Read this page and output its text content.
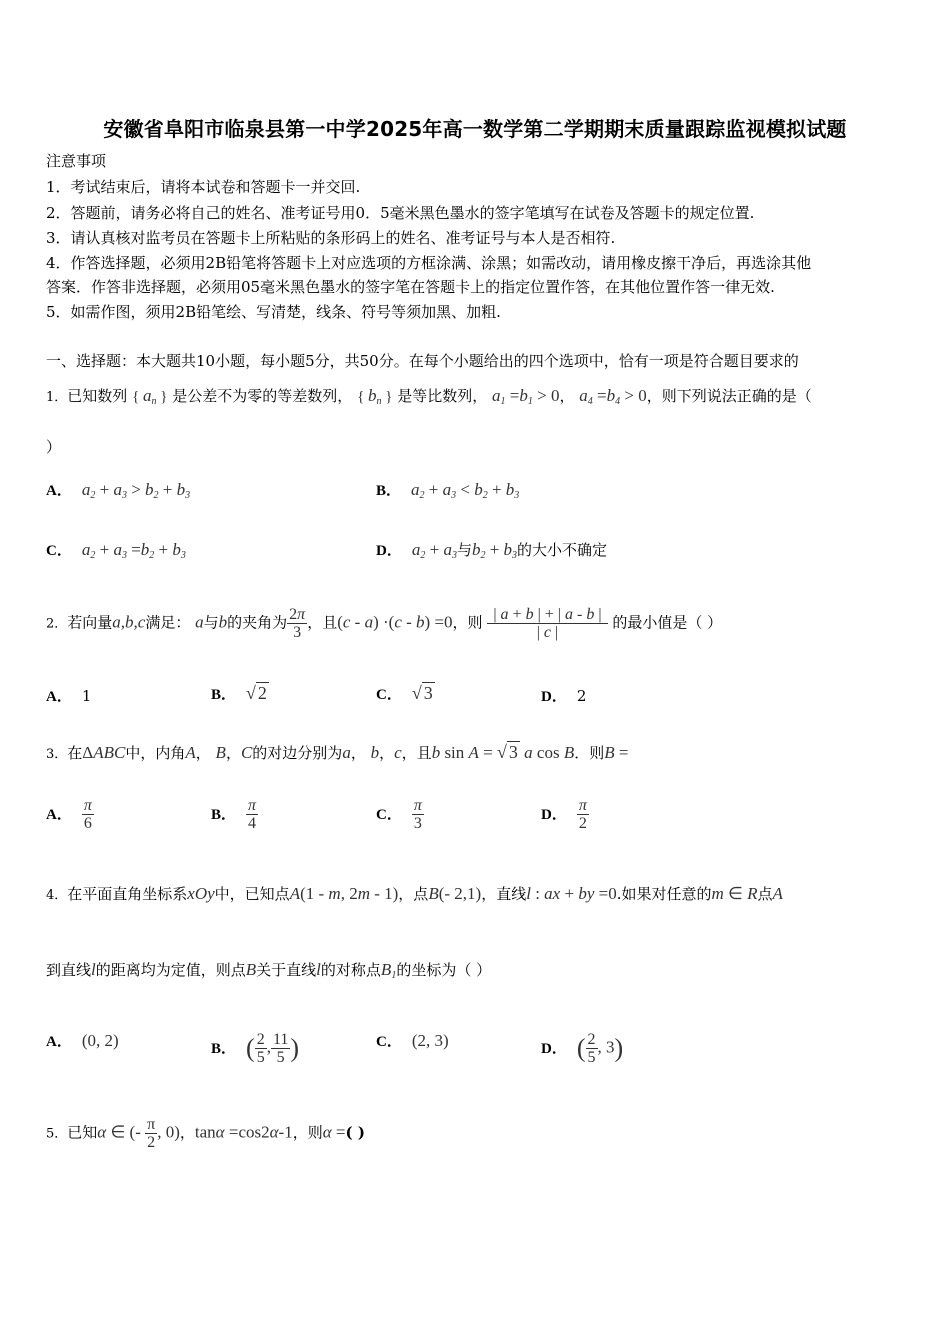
安徽省阜阳市临泉县第一中学2025年高一数学第二学期期末质量跟踪监视模拟试题
注意事项
1．考试结束后，请将本试卷和答题卡一并交回.
2．答题前，请务必将自己的姓名、准考证号用0．5毫米黑色墨水的签字笔填写在试卷及答题卡的规定位置.
3．请认真核对监考员在答题卡上所粘贴的条形码上的姓名、准考证号与本人是否相符.
4．作答选择题，必须用2B铅笔将答题卡上对应选项的方框涂满、涂黑；如需改动，请用橡皮擦干净后，再选涂其他
答案．作答非选择题，必须用05毫米黑色墨水的签字笔在答题卡上的指定位置作答，在其他位置作答一律无效.
5．如需作图，须用2B铅笔绘、写清楚，线条、符号等须加黑、加粗.
一、选择题：本大题共10小题，每小题5分，共50分。在每个小题给出的四个选项中，恰有一项是符合题目要求的
1．已知数列 { $a_n$ } 是公差不为零的等差数列， { $b_n$ } 是等比数列， $a_1 =b_1 > 0$， $a_4 =b_4 > 0$，则下列说法正确的是（
）
A． $a_2 + a_3 > b_2 + b_3$	B． $a_2 + a_3 < b_2 + b_3$
C． $a_2 + a_3 =b_2 + b_3$	D． $a_2 + a_3$与$b_2 + b_3$的大小不确定
2．若向量a,b,c满足： a与b的夹角为 $\frac{2\pi}{3}$ ，且(c - a) ·(c - b) =0，则 $\frac{| a + b | + | a - b |}{| c |}$ 的最小值是（ ）
A． 1	B． √ 2	C． √ 3	D． 2
3．在ΔABC中，内角A， B，C的对边分别为a， b，c，且b sin A = √ 3 a cos B．则B =
A． $\frac{\pi}{6}$	B． $\frac{\pi}{4}$	C． $\frac{\pi}{3}$	D． $\frac{\pi}{2}$
4．在平面直角坐标系xOy中，已知点A(1 - m, 2m - 1)，点B(- 2,1)，直线l : ax + by =0.如果对任意的m ∈ R点A
到直线l的距离均为定值，则点B关于直线l的对称点$B_1$的坐标为（ ）
A． (0, 2)	B． ( $\frac{2}{5}$ , $\frac{11}{5}$ )	C． (2, 3)	D． ( $\frac{2}{5}$ , 3)
5．已知α ∈ (- $\frac{\pi}{2}$ , 0)，tanα =cos2α-1，则α =( )
